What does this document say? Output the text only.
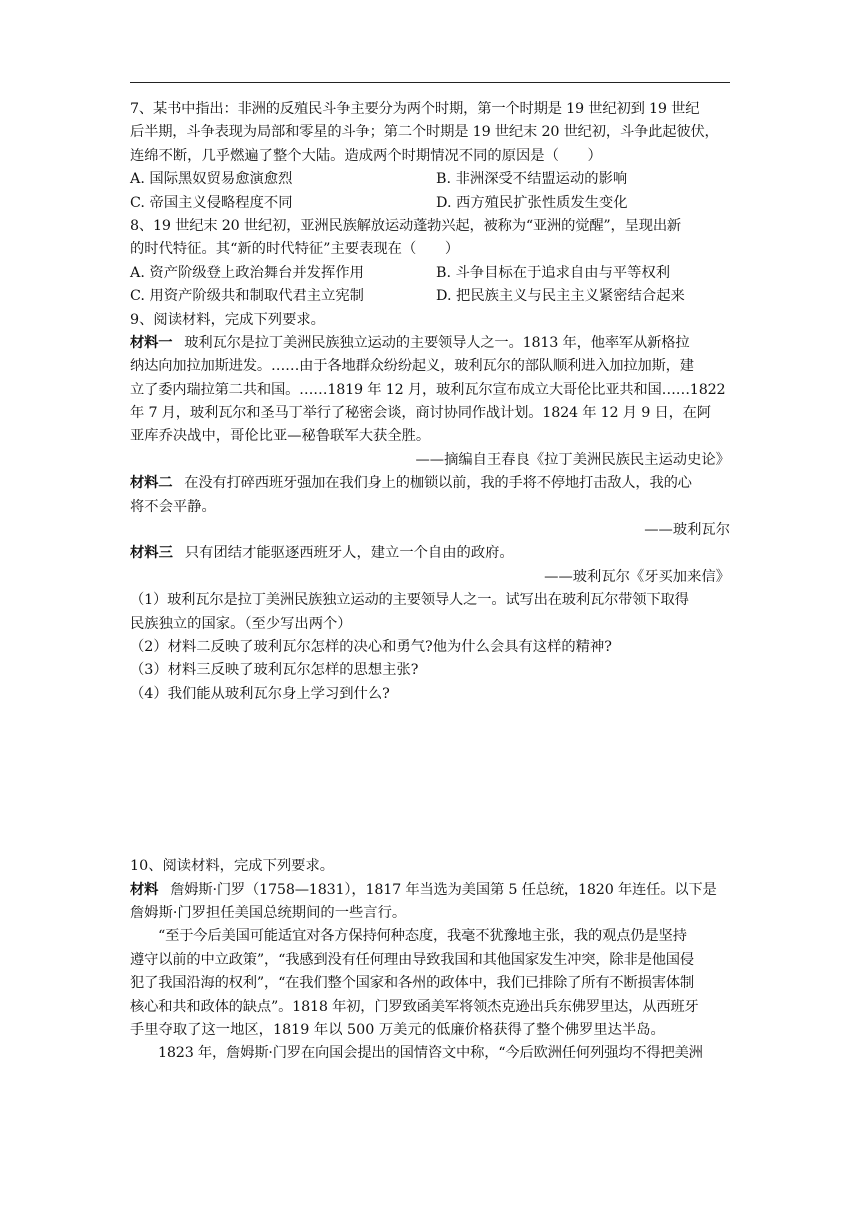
7、某书中指出：非洲的反殖民斗争主要分为两个时期，第一个时期是 19 世纪初到 19 世纪
后半期，斗争表现为局部和零星的斗争；第二个时期是 19 世纪末 20 世纪初，斗争此起彼伏，
连绵不断，几乎燃遍了整个大陆。造成两个时期情况不同的原因是（　　）
A. 国际黑奴贸易愈演愈烈	B. 非洲深受不结盟运动的影响
C. 帝国主义侵略程度不同	D. 西方殖民扩张性质发生变化
8、19 世纪末 20 世纪初，亚洲民族解放运动蓬勃兴起，被称为“亚洲的觉醒”，呈现出新
的时代特征。其“新的时代特征”主要表现在（　　）
A. 资产阶级登上政治舞台并发挥作用	B. 斗争目标在于追求自由与平等权利
C. 用资产阶级共和制取代君主立宪制	D. 把民族主义与民主主义紧密结合起来
9、阅读材料，完成下列要求。
材料一 玻利瓦尔是拉丁美洲民族独立运动的主要领导人之一。1813 年，他率军从新格拉
纳达向加拉加斯进发。……由于各地群众纷纷起义，玻利瓦尔的部队顺利进入加拉加斯，建
立了委内瑞拉第二共和国。……1819 年 12 月，玻利瓦尔宣布成立大哥伦比亚共和国……1822
年 7 月，玻利瓦尔和圣马丁举行了秘密会谈，商讨协同作战计划。1824 年 12 月 9 日，在阿
亚库乔决战中，哥伦比亚—秘鲁联军大获全胜。
——摘编自王春良《拉丁美洲民族民主运动史论》
材料二 在没有打碎西班牙强加在我们身上的枷锁以前，我的手将不停地打击敌人，我的心
将不会平静。
——玻利瓦尔
材料三 只有团结才能驱逐西班牙人，建立一个自由的政府。
——玻利瓦尔《牙买加来信》
（1）玻利瓦尔是拉丁美洲民族独立运动的主要领导人之一。试写出在玻利瓦尔带领下取得
民族独立的国家。（至少写出两个）
（2）材料二反映了玻利瓦尔怎样的决心和勇气?他为什么会具有这样的精神?
（3）材料三反映了玻利瓦尔怎样的思想主张?
（4）我们能从玻利瓦尔身上学习到什么?
10、阅读材料，完成下列要求。
材料 詹姆斯·门罗（1758—1831），1817 年当选为美国第 5 任总统，1820 年连任。以下是
詹姆斯·门罗担任美国总统期间的一些言行。
“至于今后美国可能适宜对各方保持何种态度，我毫不犹豫地主张，我的观点仍是坚持
遵守以前的中立政策”，“我感到没有任何理由导致我国和其他国家发生冲突，除非是他国侵
犯了我国沿海的权利”，“在我们整个国家和各州的政体中，我们已排除了所有不断损害体制
核心和共和政体的缺点”。1818 年初，门罗致函美军将领杰克逊出兵东佛罗里达，从西班牙
手里夺取了这一地区，1819 年以 500 万美元的低廉价格获得了整个佛罗里达半岛。
1823 年，詹姆斯·门罗在向国会提出的国情咨文中称，“今后欧洲任何列强均不得把美洲
